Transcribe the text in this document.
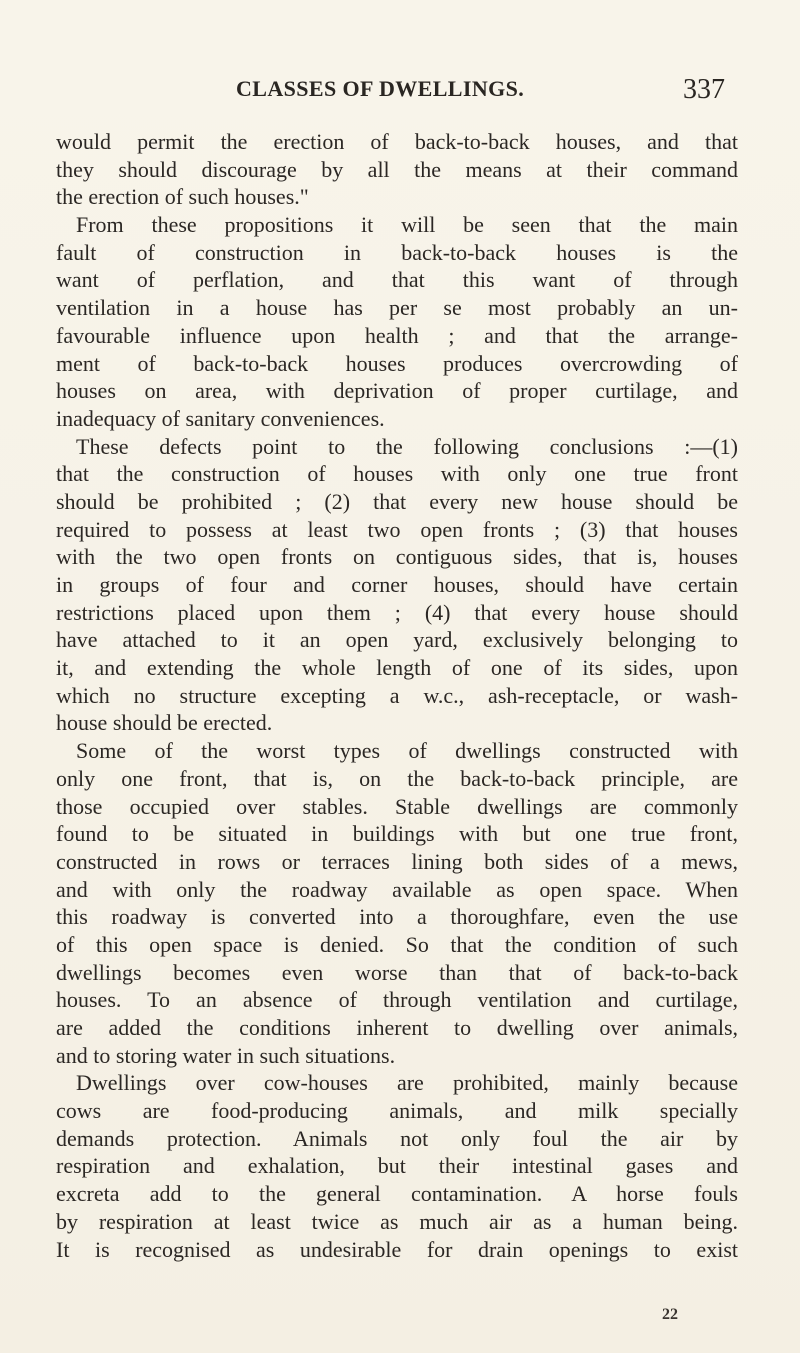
CLASSES OF DWELLINGS.	337
would permit the erection of back-to-back houses, and that
they should discourage by all the means at their command
the erection of such houses."
From these propositions it will be seen that the main
fault of construction in back-to-back houses is the
want of perflation, and that this want of through
ventilation in a house has per se most probably an un-
favourable influence upon health ; and that the arrange-
ment of back-to-back houses produces overcrowding of
houses on area, with deprivation of proper curtilage, and
inadequacy of sanitary conveniences.
These defects point to the following conclusions :—(1)
that the construction of houses with only one true front
should be prohibited ; (2) that every new house should be
required to possess at least two open fronts ; (3) that houses
with the two open fronts on contiguous sides, that is, houses
in groups of four and corner houses, should have certain
restrictions placed upon them ; (4) that every house should
have attached to it an open yard, exclusively belonging to
it, and extending the whole length of one of its sides, upon
which no structure excepting a w.c., ash-receptacle, or wash-
house should be erected.
Some of the worst types of dwellings constructed with
only one front, that is, on the back-to-back principle, are
those occupied over stables. Stable dwellings are commonly
found to be situated in buildings with but one true front,
constructed in rows or terraces lining both sides of a mews,
and with only the roadway available as open space. When
this roadway is converted into a thoroughfare, even the use
of this open space is denied. So that the condition of such
dwellings becomes even worse than that of back-to-back
houses. To an absence of through ventilation and curtilage,
are added the conditions inherent to dwelling over animals,
and to storing water in such situations.
Dwellings over cow-houses are prohibited, mainly because
cows are food-producing animals, and milk specially
demands protection. Animals not only foul the air by
respiration and exhalation, but their intestinal gases and
excreta add to the general contamination. A horse fouls
by respiration at least twice as much air as a human being.
It is recognised as undesirable for drain openings to exist
22
